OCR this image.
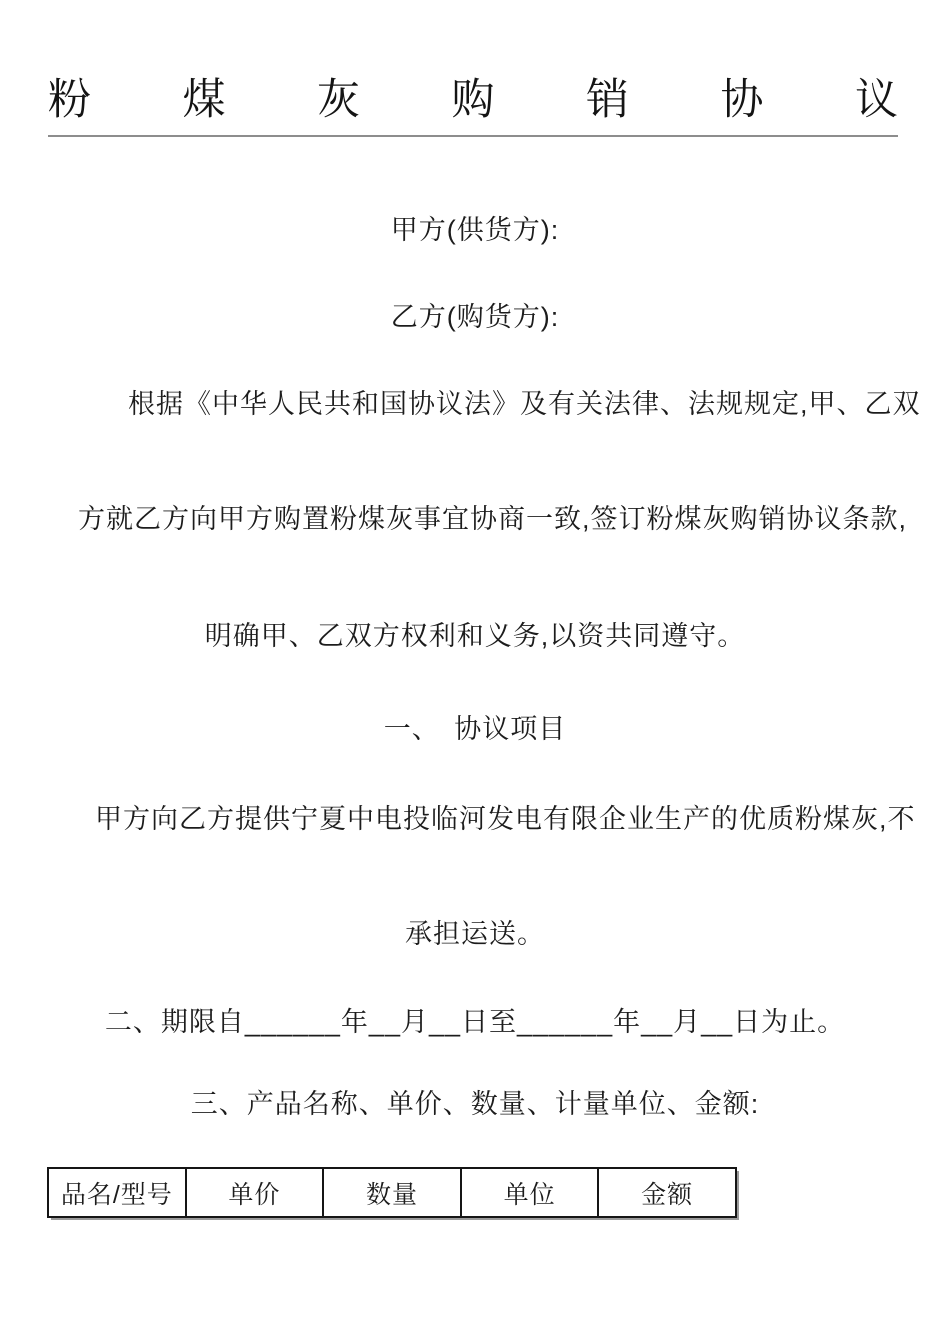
粉 煤 灰 购 销 协 议
甲方(供货方):
乙方(购货方):
根据《中华人民共和国协议法》及有关法律、法规规定,甲、乙双
方就乙方向甲方购置粉煤灰事宜协商一致,签订粉煤灰购销协议条款,
明确甲、乙双方权利和义务,以资共同遵守。
一、　协议项目
甲方向乙方提供宁夏中电投临河发电有限企业生产的优质粉煤灰,不
承担运送。
二、期限自______年__月__日至______年__月__日为止。
三、产品名称、单价、数量、计量单位、金额:
品名/型号	单价	数量	单位	金额
